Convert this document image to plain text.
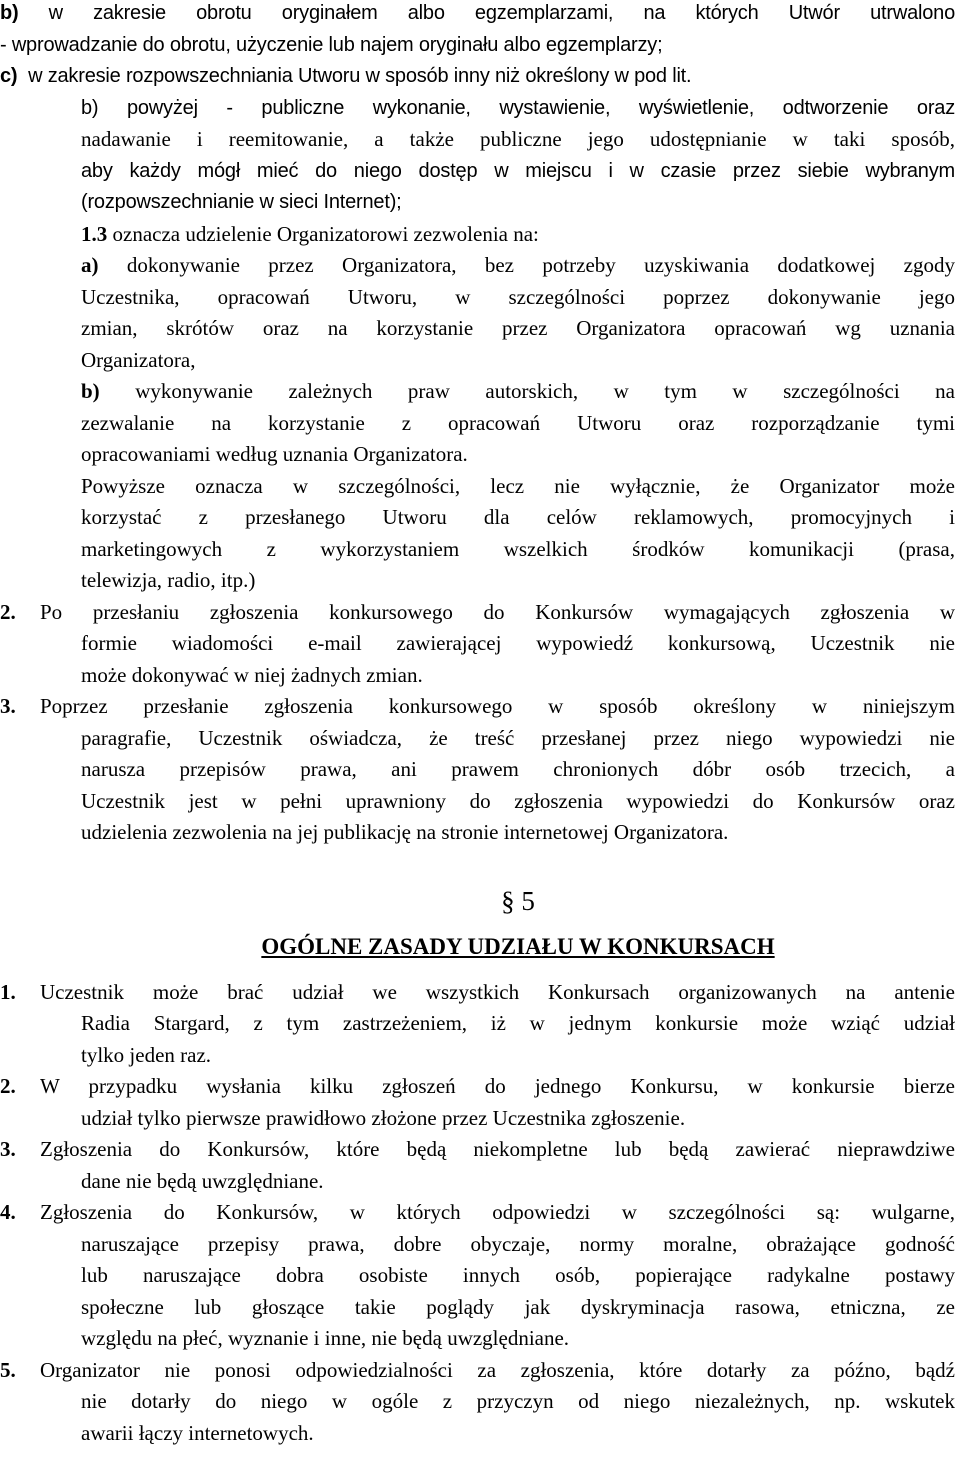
b) w zakresie obrotu oryginałem albo egzemplarzami, na których Utwór utrwalono
- wprowadzanie do obrotu, użyczenie lub najem oryginału albo egzemplarzy;
c) w zakresie rozpowszechniania Utworu w sposób inny niż określony w pod lit.
b) powyżej - publiczne wykonanie, wystawienie, wyświetlenie, odtworzenie oraz
nadawanie i reemitowanie, a także publiczne jego udostępnianie w taki sposób,
aby każdy mógł mieć do niego dostęp w miejscu i w czasie przez siebie wybranym
(rozpowszechnianie w sieci Internet);
1.3 oznacza udzielenie Organizatorowi zezwolenia na:
a) dokonywanie przez Organizatora, bez potrzeby uzyskiwania dodatkowej zgody
Uczestnika, opracowań Utworu, w szczególności poprzez dokonywanie jego
zmian, skrótów oraz na korzystanie przez Organizatora opracowań wg uznania
Organizatora,
b) wykonywanie zależnych praw autorskich, w tym w szczególności na
zezwalanie na korzystanie z opracowań Utworu oraz rozporządzanie tymi
opracowaniami według uznania Organizatora.
Powyższe oznacza w szczególności, lecz nie wyłącznie, że Organizator może
korzystać z przesłanego Utworu dla celów reklamowych, promocyjnych i
marketingowych z wykorzystaniem wszelkich środków komunikacji (prasa,
telewizja, radio, itp.)
2. Po przesłaniu zgłoszenia konkursowego do Konkursów wymagających zgłoszenia w
formie wiadomości e-mail zawierającej wypowiedź konkursową, Uczestnik nie
może dokonywać w niej żadnych zmian.
3. Poprzez przesłanie zgłoszenia konkursowego w sposób określony w niniejszym
paragrafie, Uczestnik oświadcza, że treść przesłanej przez niego wypowiedzi nie
narusza przepisów prawa, ani prawem chronionych dóbr osób trzecich, a
Uczestnik jest w pełni uprawniony do zgłoszenia wypowiedzi do Konkursów oraz
udzielenia zezwolenia na jej publikację na stronie internetowej Organizatora.
§ 5
OGÓLNE ZASADY UDZIAŁU W KONKURSACH
1. Uczestnik może brać udział we wszystkich Konkursach organizowanych na antenie
Radia Stargard, z tym zastrzeżeniem, iż w jednym konkursie może wziąć udział
tylko jeden raz.
2. W przypadku wysłania kilku zgłoszeń do jednego Konkursu, w konkursie bierze
udział tylko pierwsze prawidłowo złożone przez Uczestnika zgłoszenie.
3. Zgłoszenia do Konkursów, które będą niekompletne lub będą zawierać nieprawdziwe
dane nie będą uwzględniane.
4. Zgłoszenia do Konkursów, w których odpowiedzi w szczególności są: wulgarne,
naruszające przepisy prawa, dobre obyczaje, normy moralne, obrażające godność
lub naruszające dobra osobiste innych osób, popierające radykalne postawy
społeczne lub głoszące takie poglądy jak dyskryminacja rasowa, etniczna, ze
względu na płeć, wyznanie i inne, nie będą uwzględniane.
5. Organizator nie ponosi odpowiedzialności za zgłoszenia, które dotarły za późno, bądź
nie dotarły do niego w ogóle z przyczyn od niego niezależnych, np. wskutek
awarii łączy internetowych.
